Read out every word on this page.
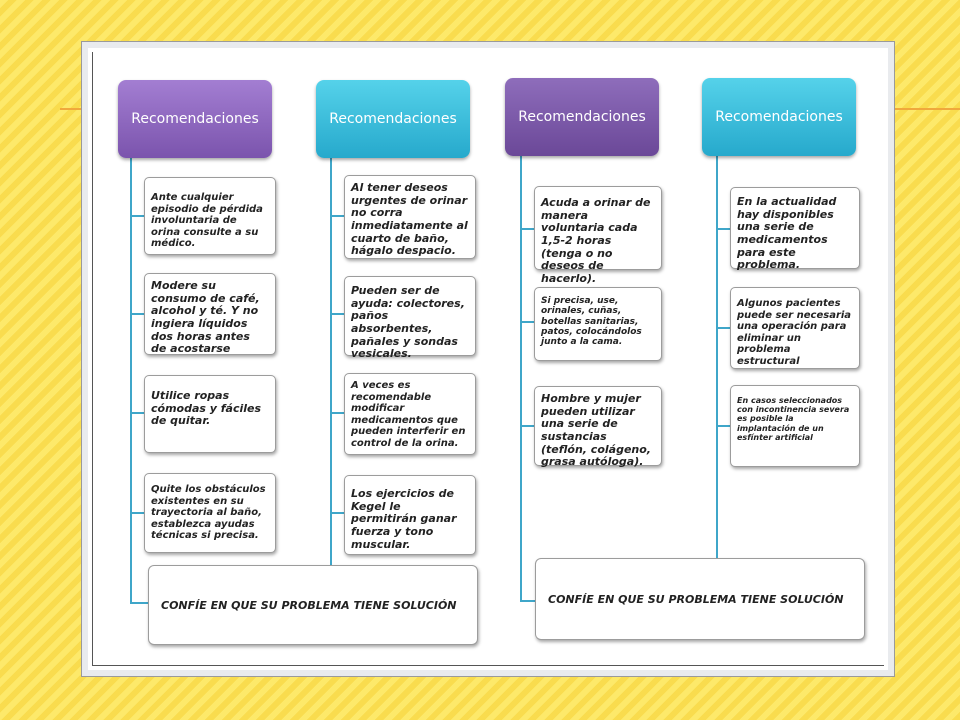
Recomendaciones
Ante cualquier episodio de pérdida involuntaria de orina consulte a su médico.
Modere su consumo de café, alcohol y té. Y no ingiera líquidos dos horas antes de acostarse
Utilice ropas cómodas y fáciles de quitar.
Quite los obstáculos existentes en su trayectoria al baño, establezca ayudas técnicas si precisa.
Recomendaciones
Al tener deseos urgentes de orinar no corra inmediatamente al cuarto de baño, hágalo despacio.
Pueden ser de ayuda: colectores, paños absorbentes, pañales y sondas vesicales.
A veces es recomendable modificar medicamentos que pueden interferir en control de la orina.
Los ejercicios de Kegel le permitirán ganar fuerza y tono muscular.
CONFÍE EN QUE SU PROBLEMA TIENE SOLUCIÓN
Recomendaciones
Acuda a orinar de manera voluntaria cada 1,5-2 horas (tenga o no deseos de hacerlo).
Si precisa, use, orinales, cuñas, botellas sanitarias, patos, colocándolos junto a la cama.
Hombre y mujer pueden utilizar una serie de sustancias (teflón, colágeno, grasa autóloga).
CONFÍE EN QUE SU PROBLEMA TIENE SOLUCIÓN
Recomendaciones
En la actualidad hay disponibles una serie de medicamentos para este problema.
Algunos pacientes puede ser necesaria una operación para eliminar un problema estructural
En casos seleccionados con incontinencia severa es posible la implantación de un esfínter artificial
